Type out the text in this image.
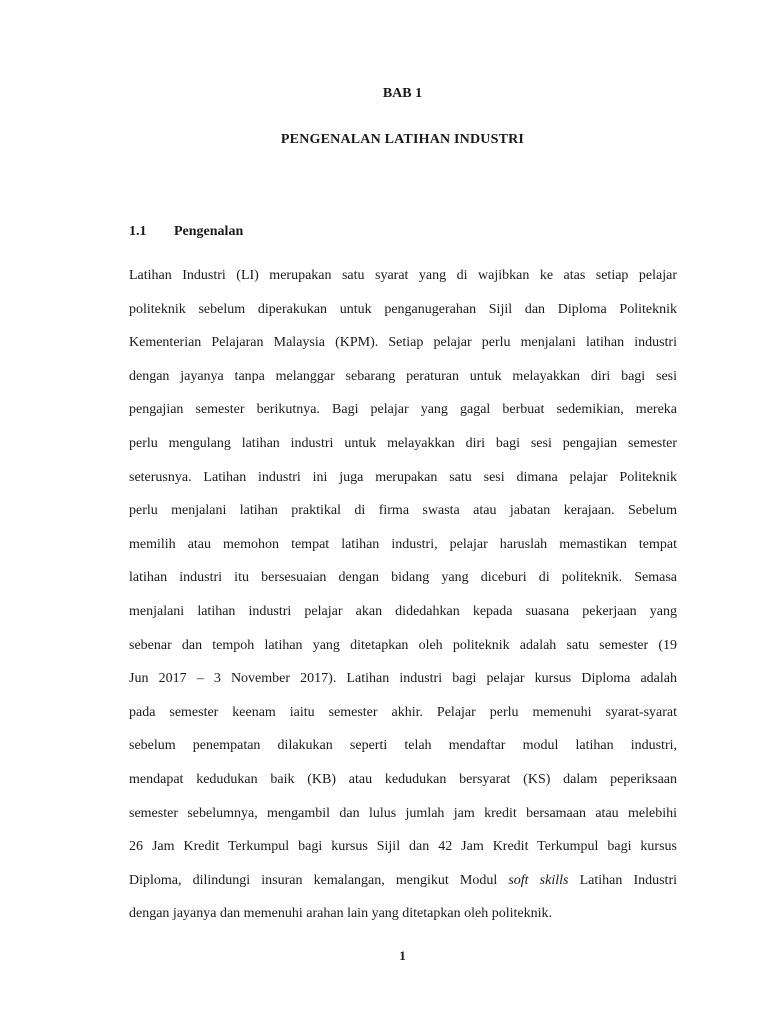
BAB 1
PENGENALAN LATIHAN INDUSTRI
1.1 Pengenalan
Latihan Industri (LI) merupakan satu syarat yang di wajibkan ke atas setiap pelajar
politeknik sebelum diperakukan untuk penganugerahan Sijil dan Diploma Politeknik
Kementerian Pelajaran Malaysia (KPM). Setiap pelajar perlu menjalani latihan industri
dengan jayanya tanpa melanggar sebarang peraturan untuk melayakkan diri bagi sesi
pengajian semester berikutnya. Bagi pelajar yang gagal berbuat sedemikian, mereka
perlu mengulang latihan industri untuk melayakkan diri bagi sesi pengajian semester
seterusnya. Latihan industri ini juga merupakan satu sesi dimana pelajar Politeknik
perlu menjalani latihan praktikal di firma swasta atau jabatan kerajaan. Sebelum
memilih atau memohon tempat latihan industri, pelajar haruslah memastikan tempat
latihan industri itu bersesuaian dengan bidang yang diceburi di politeknik. Semasa
menjalani latihan industri pelajar akan didedahkan kepada suasana pekerjaan yang
sebenar dan tempoh latihan yang ditetapkan oleh politeknik adalah satu semester (19
Jun 2017 – 3 November 2017). Latihan industri bagi pelajar kursus Diploma adalah
pada semester keenam iaitu semester akhir. Pelajar perlu memenuhi syarat-syarat
sebelum penempatan dilakukan seperti telah mendaftar modul latihan industri,
mendapat kedudukan baik (KB) atau kedudukan bersyarat (KS) dalam peperiksaan
semester sebelumnya, mengambil dan lulus jumlah jam kredit bersamaan atau melebihi
26 Jam Kredit Terkumpul bagi kursus Sijil dan 42 Jam Kredit Terkumpul bagi kursus
Diploma, dilindungi insuran kemalangan, mengikut Modul soft skills Latihan Industri
dengan jayanya dan memenuhi arahan lain yang ditetapkan oleh politeknik.
1
